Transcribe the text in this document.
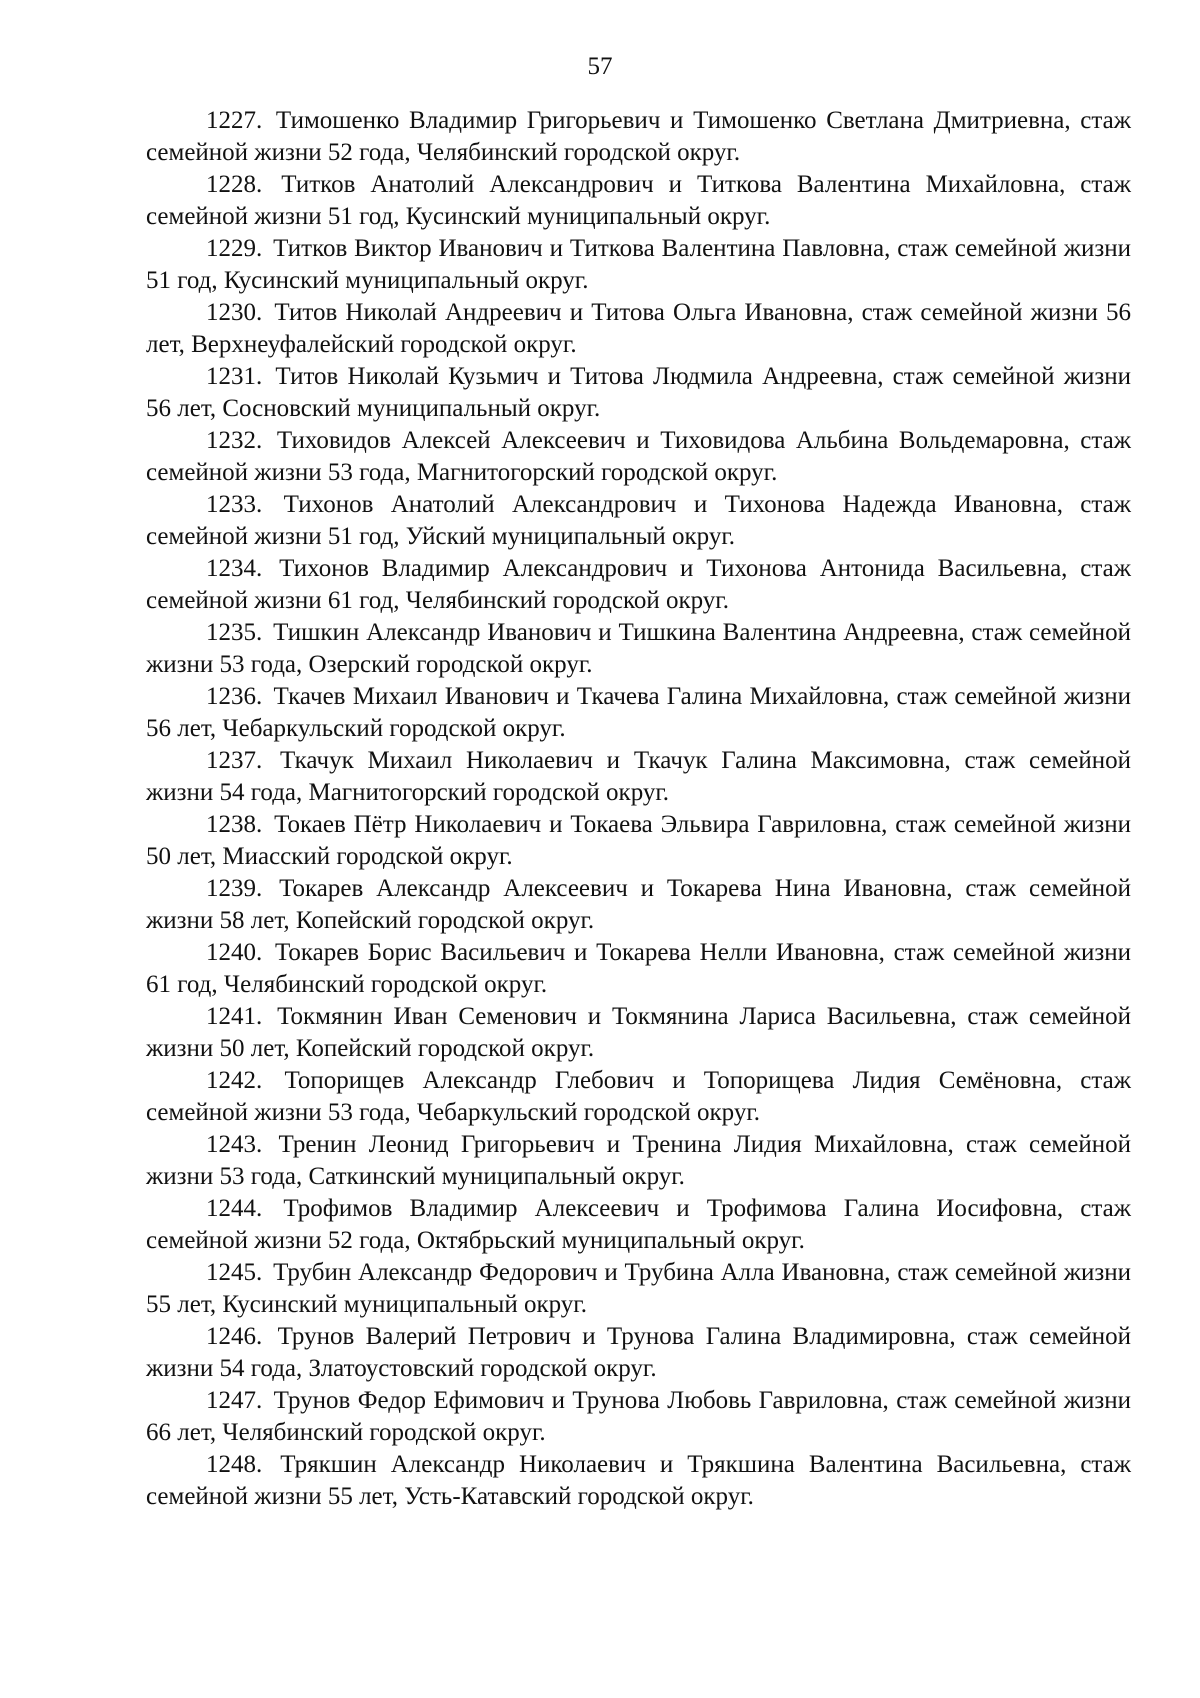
57

1227. Тимошенко Владимир Григорьевич и Тимошенко Светлана Дмитриевна, стаж семейной жизни 52 года, Челябинский городской округ.

1228. Титков Анатолий Александрович и Титкова Валентина Михайловна, стаж семейной жизни 51 год, Кусинский муниципальный округ.

1229. Титков Виктор Иванович и Титкова Валентина Павловна, стаж семейной жизни 51 год, Кусинский муниципальный округ.

1230. Титов Николай Андреевич и Титова Ольга Ивановна, стаж семейной жизни 56 лет, Верхнеуфалейский городской округ.

1231. Титов Николай Кузьмич и Титова Людмила Андреевна, стаж семейной жизни 56 лет, Сосновский муниципальный округ.

1232. Тиховидов Алексей Алексеевич и Тиховидова Альбина Вольдемаровна, стаж семейной жизни 53 года, Магнитогорский городской округ.

1233. Тихонов Анатолий Александрович и Тихонова Надежда Ивановна, стаж семейной жизни 51 год, Уйский муниципальный округ.

1234. Тихонов Владимир Александрович и Тихонова Антонида Васильевна, стаж семейной жизни 61 год, Челябинский городской округ.

1235. Тишкин Александр Иванович и Тишкина Валентина Андреевна, стаж семейной жизни 53 года, Озерский городской округ.

1236. Ткачев Михаил Иванович и Ткачева Галина Михайловна, стаж семейной жизни 56 лет, Чебаркульский городской округ.

1237. Ткачук Михаил Николаевич и Ткачук Галина Максимовна, стаж семейной жизни 54 года, Магнитогорский городской округ.

1238. Токаев Пётр Николаевич и Токаева Эльвира Гавриловна, стаж семейной жизни 50 лет, Миасский городской округ.

1239. Токарев Александр Алексеевич и Токарева Нина Ивановна, стаж семейной жизни 58 лет, Копейский городской округ.

1240. Токарев Борис Васильевич и Токарева Нелли Ивановна, стаж семейной жизни 61 год, Челябинский городской округ.

1241. Токмянин Иван Семенович и Токмянина Лариса Васильевна, стаж семейной жизни 50 лет, Копейский городской округ.

1242. Топорищев Александр Глебович и Топорищева Лидия Семёновна, стаж семейной жизни 53 года, Чебаркульский городской округ.

1243. Тренин Леонид Григорьевич и Тренина Лидия Михайловна, стаж семейной жизни 53 года, Саткинский муниципальный округ.

1244. Трофимов Владимир Алексеевич и Трофимова Галина Иосифовна, стаж семейной жизни 52 года, Октябрьский муниципальный округ.

1245. Трубин Александр Федорович и Трубина Алла Ивановна, стаж семейной жизни 55 лет, Кусинский муниципальный округ.

1246. Трунов Валерий Петрович и Трунова Галина Владимировна, стаж семейной жизни 54 года, Златоустовский городской округ.

1247. Трунов Федор Ефимович и Трунова Любовь Гавриловна, стаж семейной жизни 66 лет, Челябинский городской округ.

1248. Трякшин Александр Николаевич и Трякшина Валентина Васильевна, стаж семейной жизни 55 лет, Усть-Катавский городской округ.
